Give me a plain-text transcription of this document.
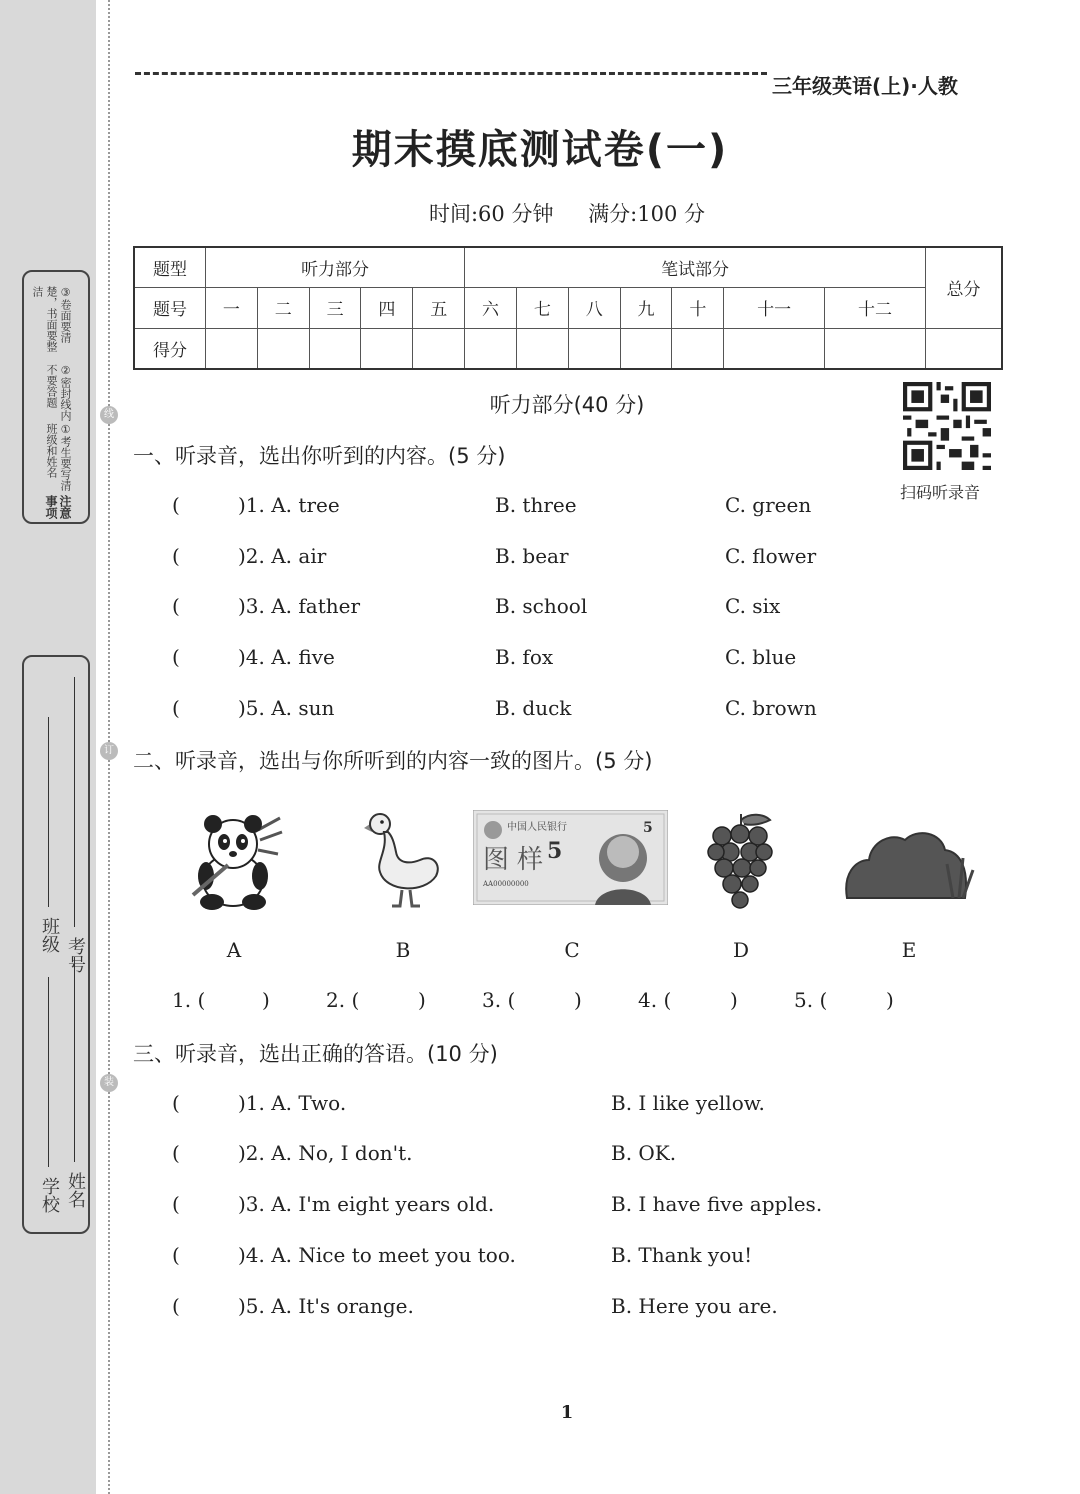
线
订
装
注意事项
①考生要写清班级和姓名
②密封线内不要答题
③卷面要清楚，书面要整洁
班级
考号
学校 姓名
三年级英语(上)·人教
期末摸底测试卷(一)
时间:60 分钟 满分:100 分
题型	听力部分					笔试部分							总分
题号	一	二	三	四	五	六	七	八	九	十	十一	十二	
得分													
听力部分(40 分)
扫码听录音
一、听录音，选出你听到的内容。(5 分)
(	)1. A. tree	B. three	C. green
(	)2. A. air	B. bear	C. flower
(	)3. A. father	B. school	C. six
(	)4. A. five	B. fox	C. blue
(	)5. A. sun	B. duck	C. brown
二、听录音，选出与你所听到的内容一致的图片。(5 分)
中国人民银行
图 样 5
5
AA00000000
A	B	C	D	E
1. (	)	2. (	)	3. (	)	4. (	)	5. (	)
三、听录音，选出正确的答语。(10 分)
(	)1. A. Two.	B. I like yellow.
(	)2. A. No, I don't.	B. OK.
(	)3. A. I'm eight years old.	B. I have five apples.
(	)4. A. Nice to meet you too.	B. Thank you!
(	)5. A. It's orange.	B. Here you are.
1
